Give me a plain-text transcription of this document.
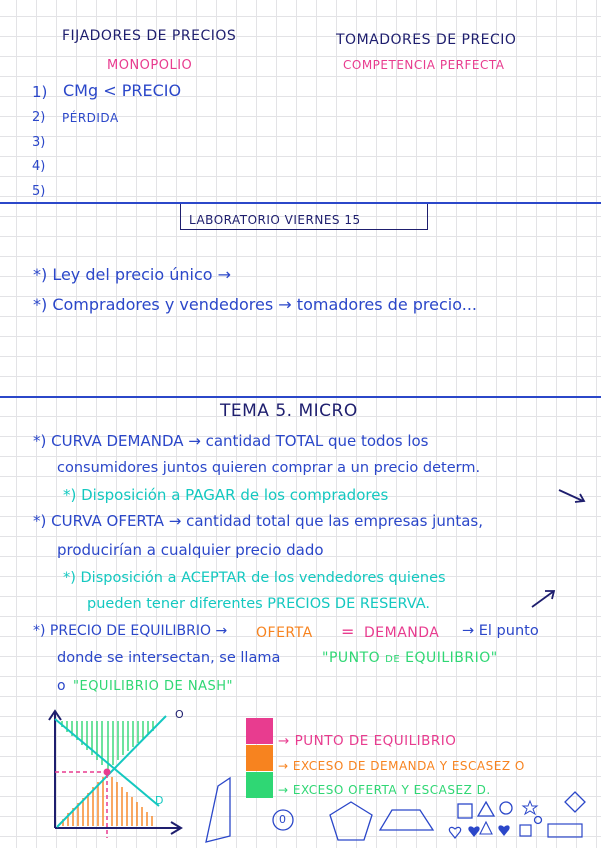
FIJADORES DE PRECIOS
MONOPOLIO
TOMADORES DE PRECIO
COMPETENCIA PERFECTA
1) CMg < PRECIO
2) PÉRDIDA
3)
4)
5)
LABORATORIO VIERNES 15
*) Ley del precio único →
*) Compradores y vendedores → tomadores de precio...
TEMA 5. MICRO
*) CURVA DEMANDA → cantidad TOTAL que todos los
consumidores juntos quieren comprar a un precio determ.
*) Disposición a PAGAR de los compradores
*) CURVA OFERTA → cantidad total que las empresas juntas,
producirían a cualquier precio dado
*) Disposición a ACEPTAR de los vendedores quienes
pueden tener diferentes PRECIOS DE RESERVA.
*) PRECIO DE EQUILIBRIO → OFERTA = DEMANDA → El punto
donde se intersectan, se llama	"PUNTO de EQUILIBRIO"
o "EQUILIBRIO DE NASH"
O
D
→ PUNTO DE EQUILIBRIO
→ EXCESO DE DEMANDA Y ESCASEZ O
→ EXCESO OFERTA Y ESCASEZ D.
0
